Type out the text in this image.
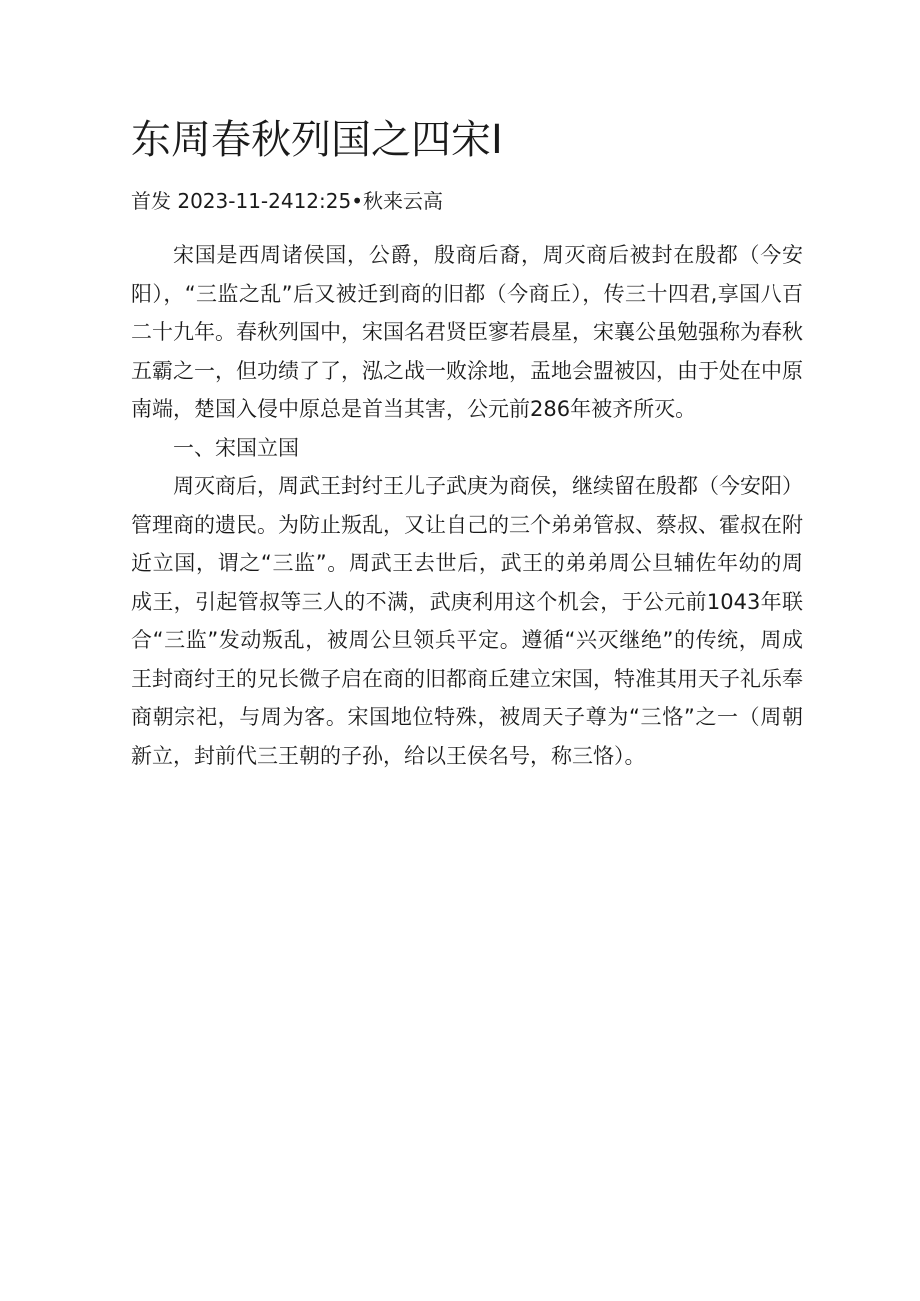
东周春秋列国之四宋Ⅰ
首发 2023-11-2412:25•秋来云高

宋国是西周诸侯国，公爵，殷商后裔，周灭商后被封在殷都（今安阳），“三监之乱”后又被迁到商的旧都（今商丘），传三十四君,享国八百二十九年。春秋列国中，宋国名君贤臣寥若晨星，宋襄公虽勉强称为春秋五霸之一，但功绩了了，泓之战一败涂地，盂地会盟被囚，由于处在中原南端，楚国入侵中原总是首当其害，公元前286年被齐所灭。

一、宋国立国

周灭商后，周武王封纣王儿子武庚为商侯，继续留在殷都（今安阳）管理商的遗民。为防止叛乱，又让自己的三个弟弟管叔、蔡叔、霍叔在附近立国，谓之“三监”。周武王去世后，武王的弟弟周公旦辅佐年幼的周成王，引起管叔等三人的不满，武庚利用这个机会，于公元前1043年联合“三监”发动叛乱，被周公旦领兵平定。遵循“兴灭继绝”的传统，周成王封商纣王的兄长微子启在商的旧都商丘建立宋国，特准其用天子礼乐奉商朝宗祀，与周为客。宋国地位特殊，被周天子尊为“三恪”之一（周朝新立，封前代三王朝的子孙，给以王侯名号，称三恪）。
